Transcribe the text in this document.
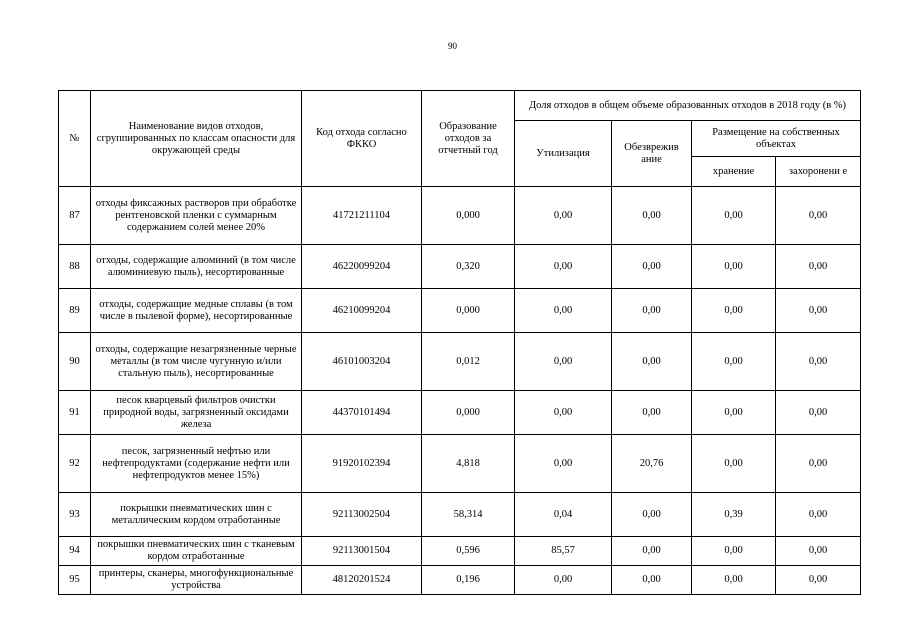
90
№	Наименование видов отходов, сгруппированных по классам опасности для окружающей среды	Код отхода согласно ФККО	Образование отходов за отчетный год	Доля отходов в общем объеме образованных отходов в 2018 году (в %)			
				Утилизация	Обезврежив ание	Размещение на собственных объектах	
						хранение	захоронени е
87	отходы фиксажных растворов при обработке рентгеновской пленки с суммарным содержанием солей менее 20%	41721211104	0,000	0,00	0,00	0,00	0,00
88	отходы, содержащие алюминий (в том числе алюминиевую пыль), несортированные	46220099204	0,320	0,00	0,00	0,00	0,00
89	отходы, содержащие медные сплавы (в том числе в пылевой форме), несортированные	46210099204	0,000	0,00	0,00	0,00	0,00
90	отходы, содержащие незагрязненные черные металлы (в том числе чугунную и/или стальную пыль), несортированные	46101003204	0,012	0,00	0,00	0,00	0,00
91	песок кварцевый фильтров очистки природной воды, загрязненный оксидами железа	44370101494	0,000	0,00	0,00	0,00	0,00
92	песок, загрязненный нефтью или нефтепродуктами (содержание нефти или нефтепродуктов менее 15%)	91920102394	4,818	0,00	20,76	0,00	0,00
93	покрышки пневматических шин с металлическим кордом отработанные	92113002504	58,314	0,04	0,00	0,39	0,00
94	покрышки пневматических шин с тканевым кордом отработанные	92113001504	0,596	85,57	0,00	0,00	0,00
95	принтеры, сканеры, многофункциональные устройства	48120201524	0,196	0,00	0,00	0,00	0,00
